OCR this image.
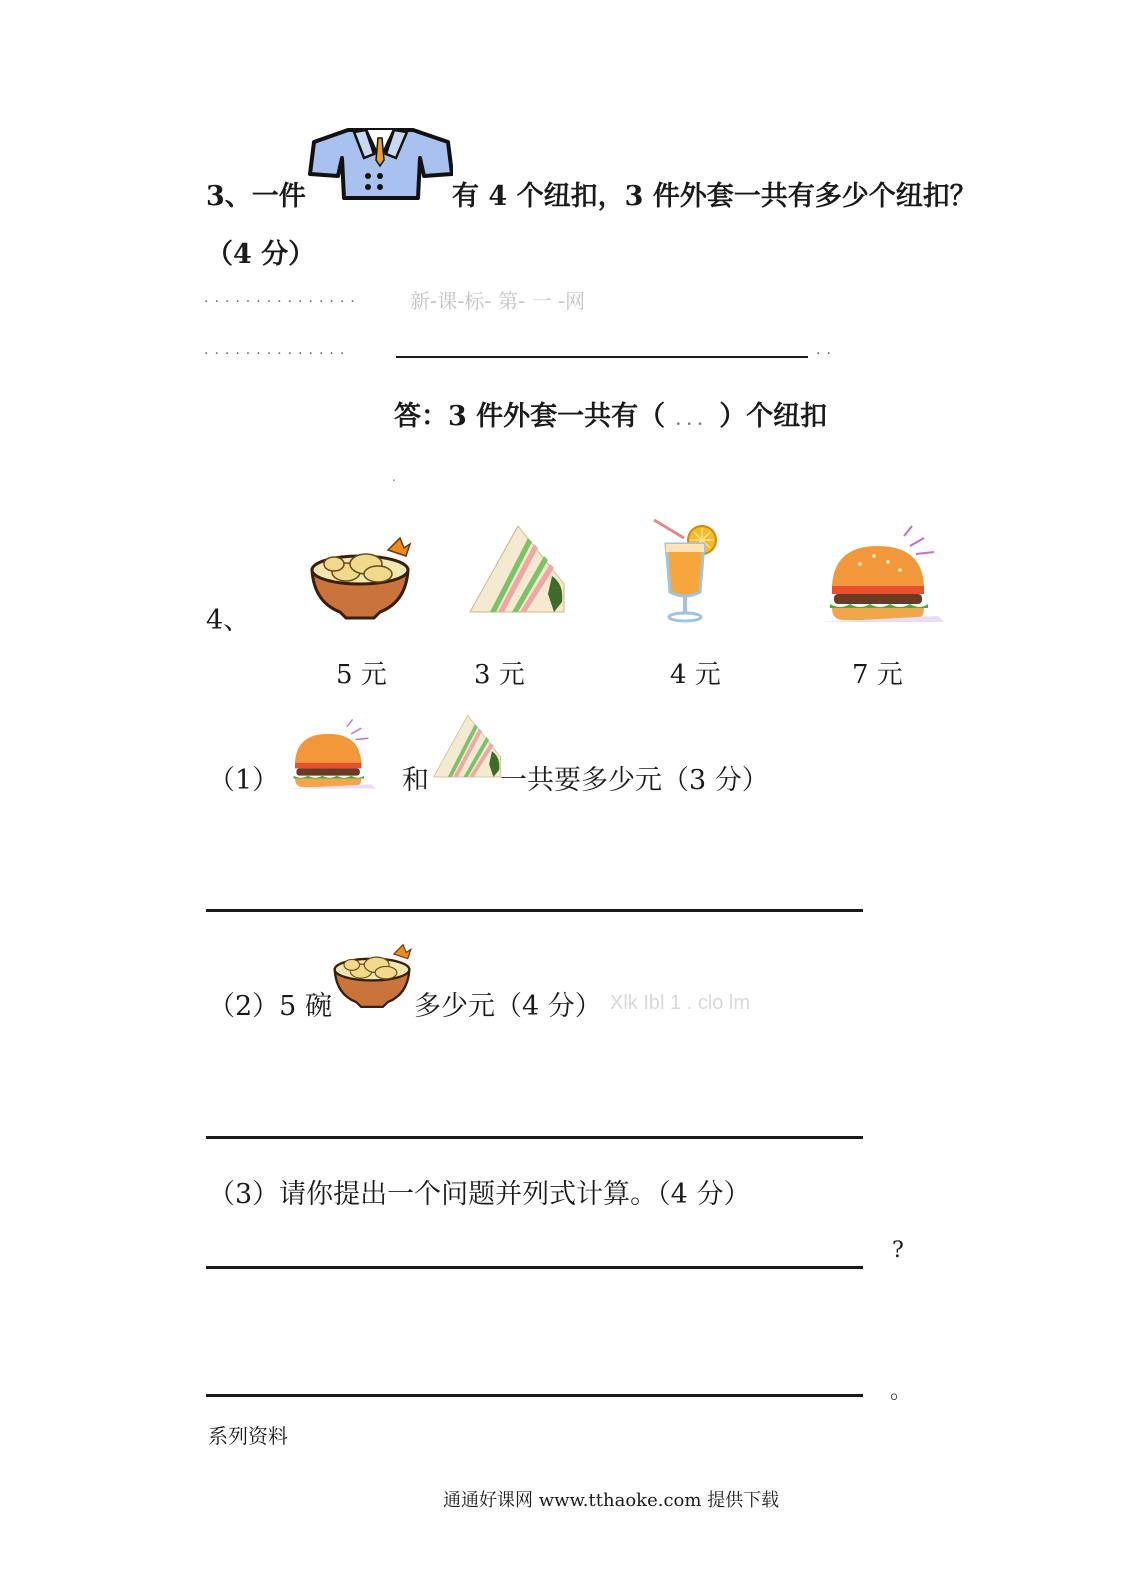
3、一件	有 4 个纽扣，3 件外套一共有多少个纽扣？
（4 分）
............... 新-课-标- 第- 一 -网
..............	..
答：3 件外套一共有（ ... ）个纽扣
.
4、
5 元	3 元	4 元	7 元
（1）	和	一共要多少元（3 分）
（2）5 碗	多少元（4 分） Xlk Ibl 1 . clo lm
（3）请你提出一个问题并列式计算。（4 分）
?
。
系列资料
通通好课网 www.tthaoke.com 提供下载
